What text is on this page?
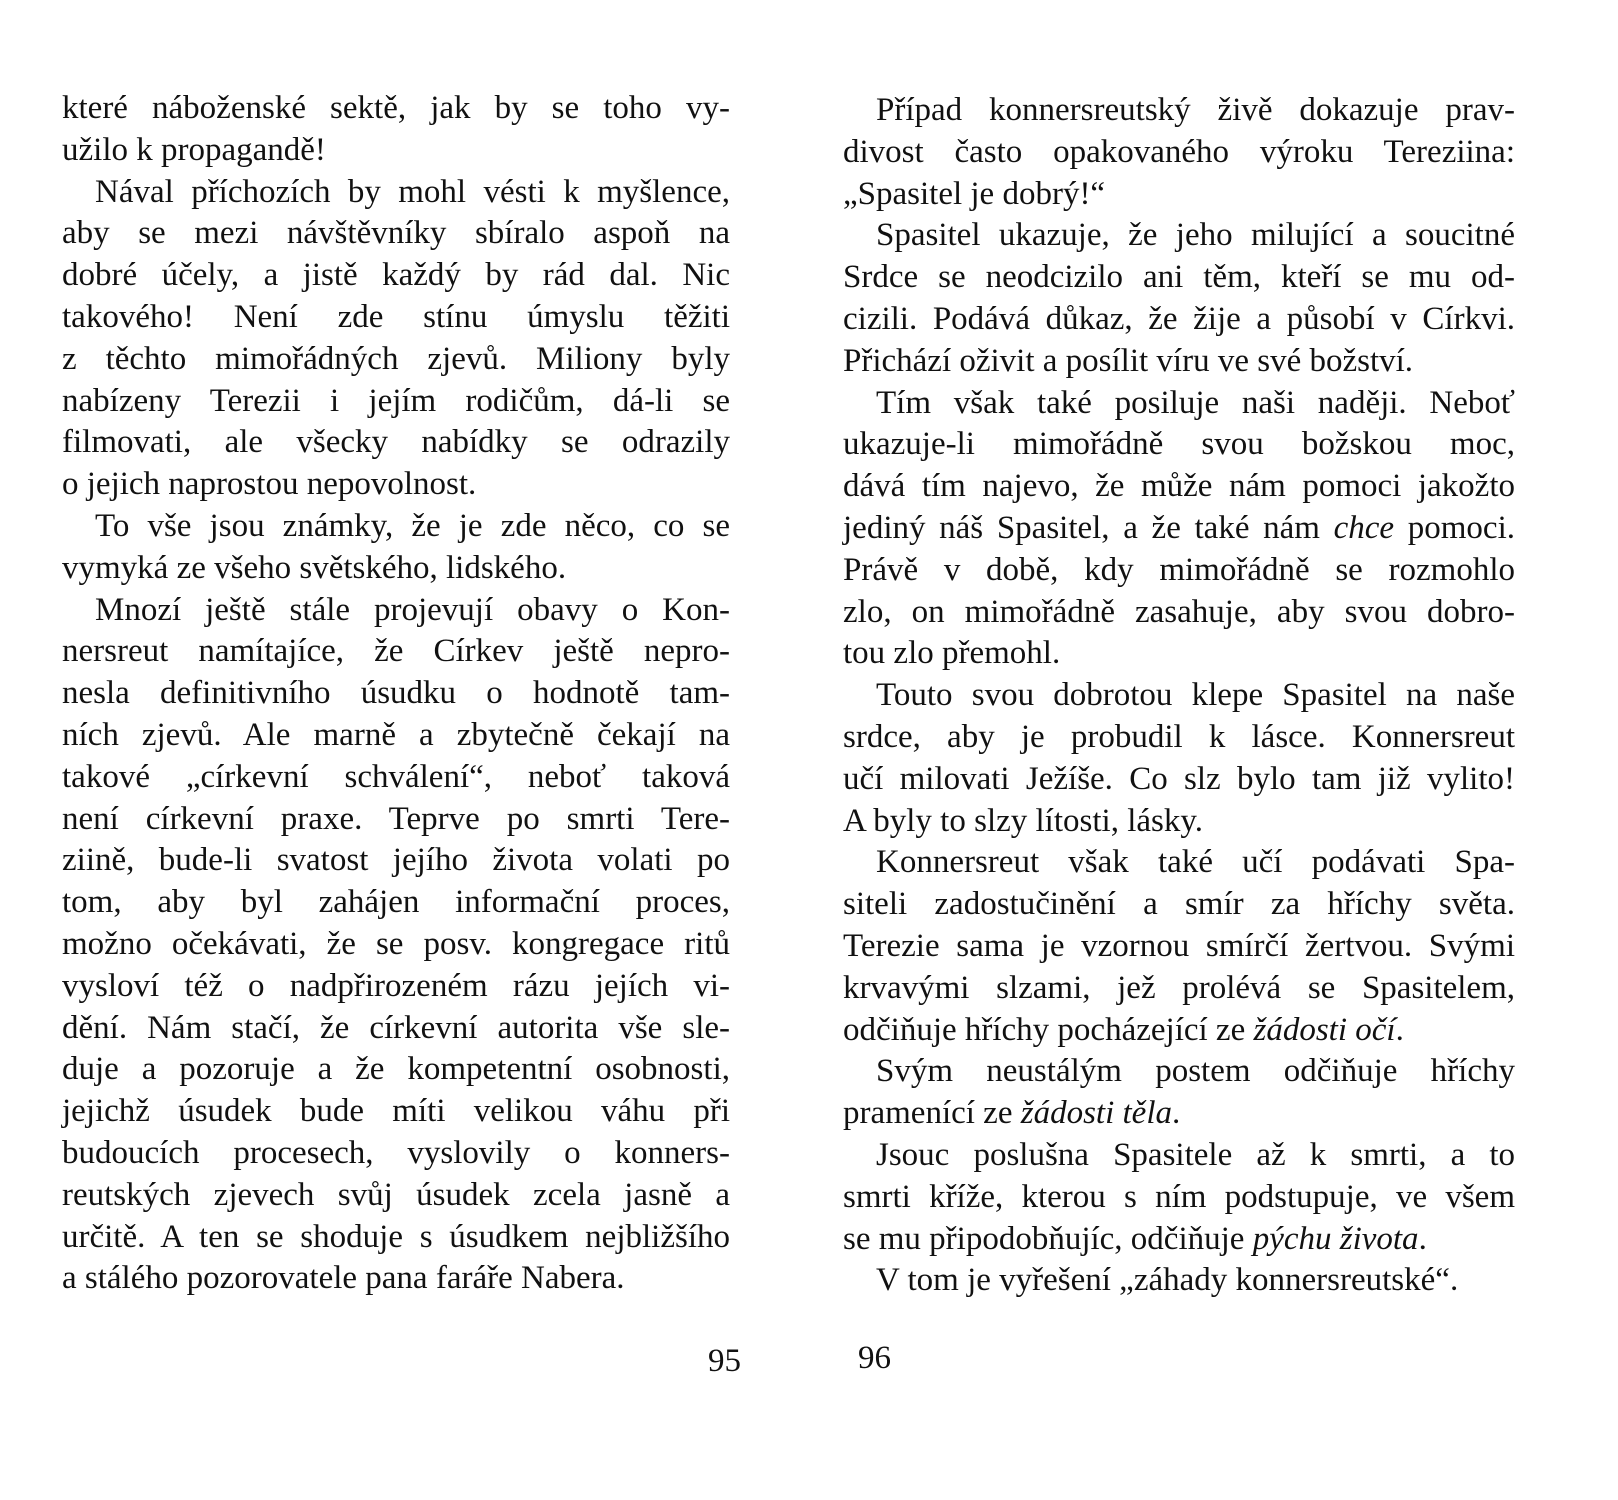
které náboženské sektě, jak by se toho vy-
užilo k propagandě!
Nával příchozích by mohl vésti k myšlence,
aby se mezi návštěvníky sbíralo aspoň na
dobré účely, a jistě každý by rád dal. Nic
takového! Není zde stínu úmyslu těžiti
z těchto mimořádných zjevů. Miliony byly
nabízeny Terezii i jejím rodičům, dá-li se
filmovati, ale všecky nabídky se odrazily
o jejich naprostou nepovolnost.
To vše jsou známky, že je zde něco, co se
vymyká ze všeho světského, lidského.
Mnozí ještě stále projevují obavy o Kon-
nersreut namítajíce, že Církev ještě nepro-
nesla definitivního úsudku o hodnotě tam-
ních zjevů. Ale marně a zbytečně čekají na
takové „církevní schválení“, neboť taková
není církevní praxe. Teprve po smrti Tere-
ziině, bude-li svatost jejího života volati po
tom, aby byl zahájen informační proces,
možno očekávati, že se posv. kongregace ritů
vysloví též o nadpřirozeném rázu jejích vi-
dění. Nám stačí, že církevní autorita vše sle-
duje a pozoruje a že kompetentní osobnosti,
jejichž úsudek bude míti velikou váhu při
budoucích procesech, vyslovily o konners-
reutských zjevech svůj úsudek zcela jasně a
určitě. A ten se shoduje s úsudkem nejbližšího
a stálého pozorovatele pana faráře Nabera.
95
Případ konnersreutský živě dokazuje prav-
divost často opakovaného výroku Tereziina:
„Spasitel je dobrý!“
Spasitel ukazuje, že jeho milující a soucitné
Srdce se neodcizilo ani těm, kteří se mu od-
cizili. Podává důkaz, že žije a působí v Církvi.
Přichází oživit a posílit víru ve své božství.
Tím však také posiluje naši naději. Neboť
ukazuje-li mimořádně svou božskou moc,
dává tím najevo, že může nám pomoci jakožto
jediný náš Spasitel, a že také nám chce pomoci.
Právě v době, kdy mimořádně se rozmohlo
zlo, on mimořádně zasahuje, aby svou dobro-
tou zlo přemohl.
Touto svou dobrotou klepe Spasitel na naše
srdce, aby je probudil k lásce. Konnersreut
učí milovati Ježíše. Co slz bylo tam již vylito!
A byly to slzy lítosti, lásky.
Konnersreut však také učí podávati Spa-
siteli zadostučinění a smír za hříchy světa.
Terezie sama je vzornou smírčí žertvou. Svými
krvavými slzami, jež prolévá se Spasitelem,
odčiňuje hříchy pocházející ze žádosti očí.
Svým neustálým postem odčiňuje hříchy
pramenící ze žádosti těla.
Jsouc poslušna Spasitele až k smrti, a to
smrti kříže, kterou s ním podstupuje, ve všem
se mu připodobňujíc, odčiňuje pýchu života.
V tom je vyřešení „záhady konnersreutské“.
96
